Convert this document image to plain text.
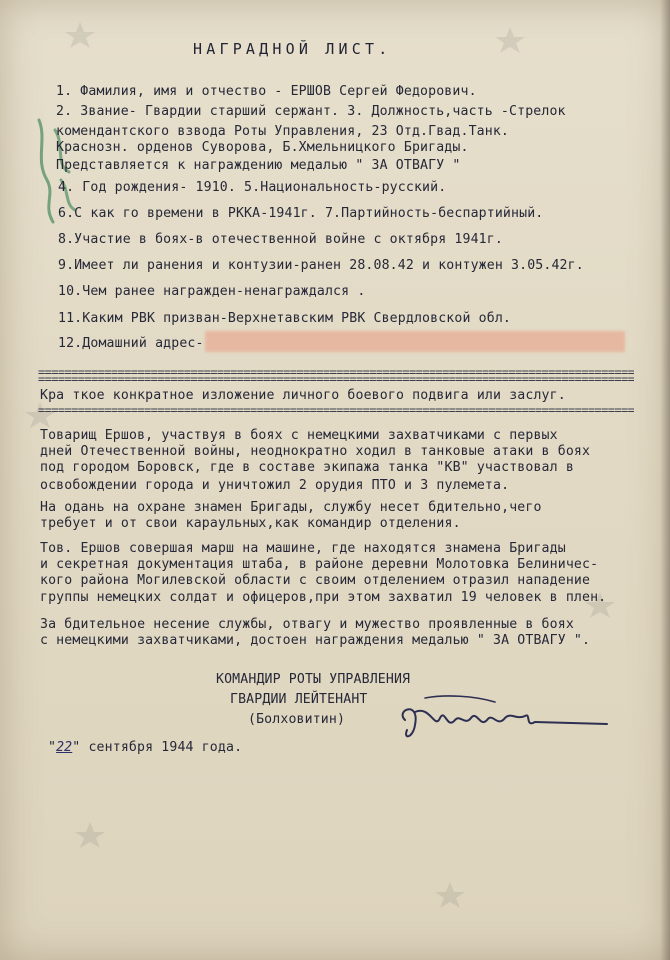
НАГРАДНОЙ ЛИСТ.
1. Фамилия, имя и отчество - ЕРШОВ Сергей Федорович.
2. Звание- Гвардии старший сержант. 3. Должность,часть -Стрелок
комендантского взвода Роты Управления, 23 Отд.Гвад.Танк.
Краснозн. орденов Суворова, Б.Хмельницкого Бригады.
Представляется к награждению медалью " ЗА ОТВАГУ "
4. Год рождения- 1910. 5.Национальность-русский.
6.С как го времени в РККА-1941г. 7.Партийность-беспартийный.
8.Участие в боях-в отечественной войне с октября 1941г.
9.Имеет ли ранения и контузии-ранен 28.08.42 и контужен 3.05.42г.
10.Чем ранее награжден-ненаграждался .
11.Каким РВК призван-Верхнетавским РВК Свердловской обл.
12.Домашний адрес-
=====
=====
Кра ткое конкратное изложение личного боевого подвига или заслуг.
=====
Товарищ Ершов, участвуя в боях с немецкими захватчиками с первых
дней Отечественной войны, неоднократно ходил в танковые атаки в боях
под городом Боровск, где в составе экипажа танка "КВ" участвовал в
освобождении города и уничтожил 2 орудия ПТО и 3 пулемета.
На одань на охране знамен Бригады, службу несет бдительно,чего
требует и от свои караульных,как командир отделения.
Тов. Ершов совершая марш на машине, где находятся знамена Бригады
и секретная документация штаба, в районе деревни Молотовка Белиничес-
кого района Могилевской области с своим отделением отразил нападение
группы немецких солдат и офицеров,при этом захватил 19 человек в плен.
За бдительное несение службы, отвагу и мужество проявленные в боях
с немецкими захватчиками, достоен награждения медалью " ЗА ОТВАГУ ".
КОМАНДИР РОТЫ УПРАВЛЕНИЯ
ГВАРДИИ ЛЕЙТЕНАНТ
(Болховитин)
"22" сентября 1944 года.
